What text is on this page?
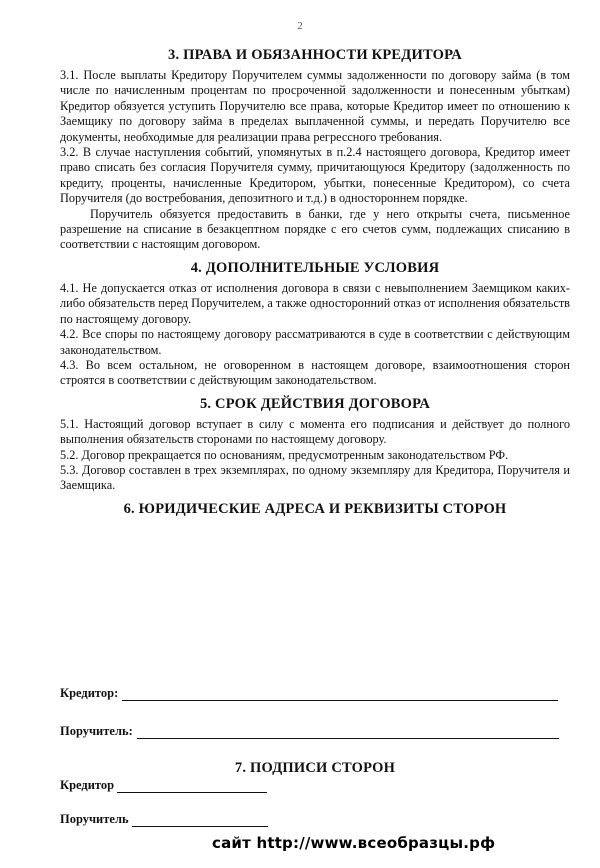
2
3. ПРАВА И ОБЯЗАННОСТИ КРЕДИТОРА

3.1. После выплаты Кредитору Поручителем суммы задолженности по договору займа (в том числе по начисленным процентам по просроченной задолженности и понесенным убыткам) Кредитор обязуется уступить Поручителю все права, которые Кредитор имеет по отношению к Заемщику по договору займа в пределах выплаченной суммы, и передать Поручителю все документы, необходимые для реализации права регрессного требования.

3.2. В случае наступления событий, упомянутых в п.2.4 настоящего договора, Кредитор имеет право списать без согласия Поручителя сумму, причитающуюся Кредитору (задолженность по кредиту, проценты, начисленные Кредитором, убытки, понесенные Кредитором), со счета Поручителя (до востребования, депозитного и т.д.) в одностороннем порядке.

Поручитель обязуется предоставить в банки, где у него открыты счета, письменное разрешение на списание в безакцептном порядке с его счетов сумм, подлежащих списанию в соответствии с настоящим договором.

4. ДОПОЛНИТЕЛЬНЫЕ УСЛОВИЯ

4.1. Не допускается отказ от исполнения договора в связи с невыполнением Заемщиком каких-либо обязательств перед Поручителем, а также односторонний отказ от исполнения обязательств по настоящему договору.

4.2. Все споры по настоящему договору рассматриваются в суде в соответствии с действующим законодательством.

4.3. Во всем остальном, не оговоренном в настоящем договоре, взаимоотношения сторон строятся в соответствии с действующим законодательством.

5. СРОК ДЕЙСТВИЯ ДОГОВОРА

5.1. Настоящий договор вступает в силу с момента его подписания и действует до полного выполнения обязательств сторонами по настоящему договору.

5.2. Договор прекращается по основаниям, предусмотренным законодательством РФ.

5.3. Договор составлен в трех экземплярах, по одному экземпляру для Кредитора, Поручителя и Заемщика.

6. ЮРИДИЧЕСКИЕ АДРЕСА И РЕКВИЗИТЫ СТОРОН
Кредитор:
Поручитель:
7. ПОДПИСИ СТОРОН
Кредитор
Поручитель
сайт http://www.всеобразцы.рф
